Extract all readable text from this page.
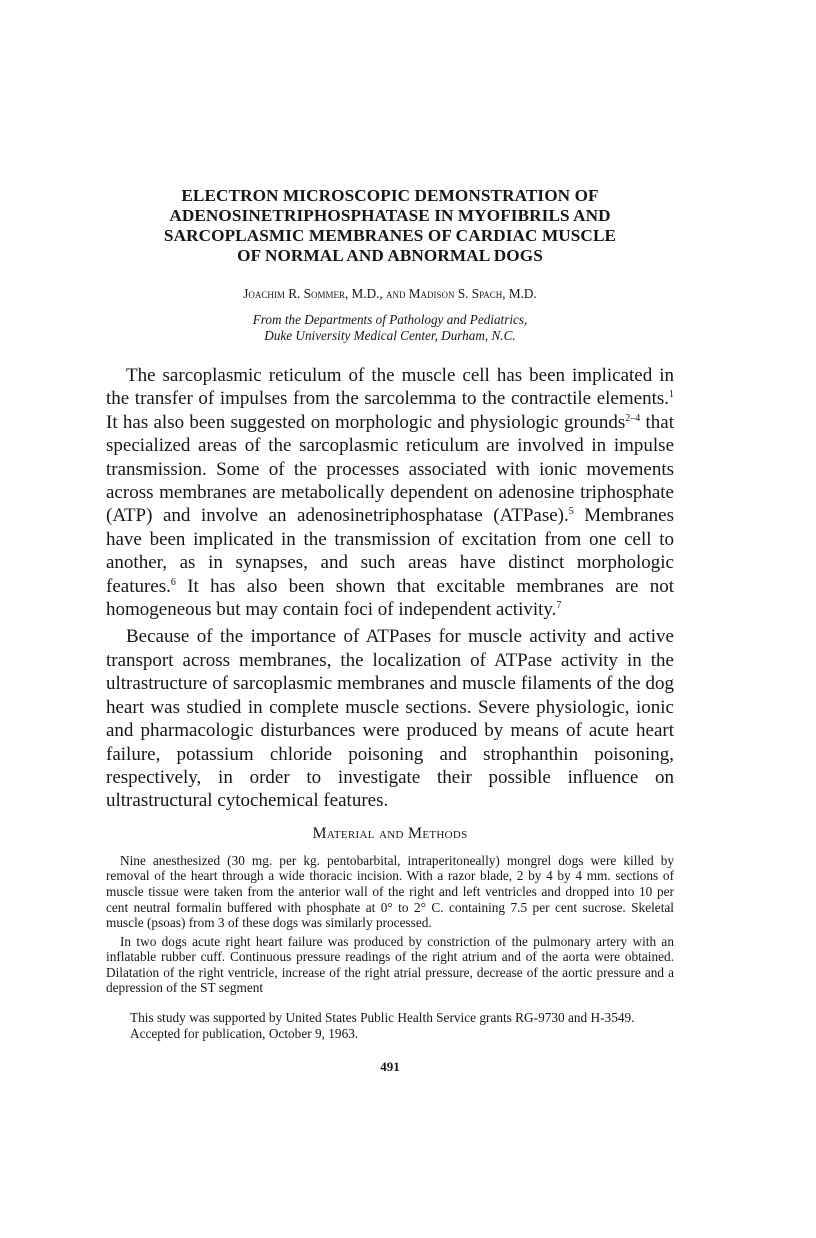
ELECTRON MICROSCOPIC DEMONSTRATION OF
ADENOSINETRIPHOSPHATASE IN MYOFIBRILS AND
SARCOPLASMIC MEMBRANES OF CARDIAC MUSCLE
OF NORMAL AND ABNORMAL DOGS
Joachim R. Sommer, M.D., and Madison S. Spach, M.D.
From the Departments of Pathology and Pediatrics,
Duke University Medical Center, Durham, N.C.

The sarcoplasmic reticulum of the muscle cell has been implicated in the transfer of impulses from the sarcolemma to the contractile elements.$^1$ It has also been suggested on morphologic and physiologic grounds$^{2-4}$ that specialized areas of the sarcoplasmic reticulum are involved in impulse transmission. Some of the processes associated with ionic movements across membranes are metabolically dependent on adenosine triphosphate (ATP) and involve an adenosinetriphosphatase (ATPase).$^5$ Membranes have been implicated in the transmission of excitation from one cell to another, as in synapses, and such areas have distinct morphologic features.$^6$ It has also been shown that excitable membranes are not homogeneous but may contain foci of independent activity.$^7$

Because of the importance of ATPases for muscle activity and active transport across membranes, the localization of ATPase activity in the ultrastructure of sarcoplasmic membranes and muscle filaments of the dog heart was studied in complete muscle sections. Severe physiologic, ionic and pharmacologic disturbances were produced by means of acute heart failure, potassium chloride poisoning and strophanthin poisoning, respectively, in order to investigate their possible influence on ultrastructural cytochemical features.

Material and Methods

Nine anesthesized (30 mg. per kg. pentobarbital, intraperitoneally) mongrel dogs were killed by removal of the heart through a wide thoracic incision. With a razor blade, 2 by 4 by 4 mm. sections of muscle tissue were taken from the anterior wall of the right and left ventricles and dropped into 10 per cent neutral formalin buffered with phosphate at 0° to 2° C. containing 7.5 per cent sucrose. Skeletal muscle (psoas) from 3 of these dogs was similarly processed.

In two dogs acute right heart failure was produced by constriction of the pulmonary artery with an inflatable rubber cuff. Continuous pressure readings of the right atrium and of the aorta were obtained. Dilatation of the right ventricle, increase of the right atrial pressure, decrease of the aortic pressure and a depression of the ST segment

This study was supported by United States Public Health Service grants RG-9730 and H-3549.

Accepted for publication, October 9, 1963.

491
